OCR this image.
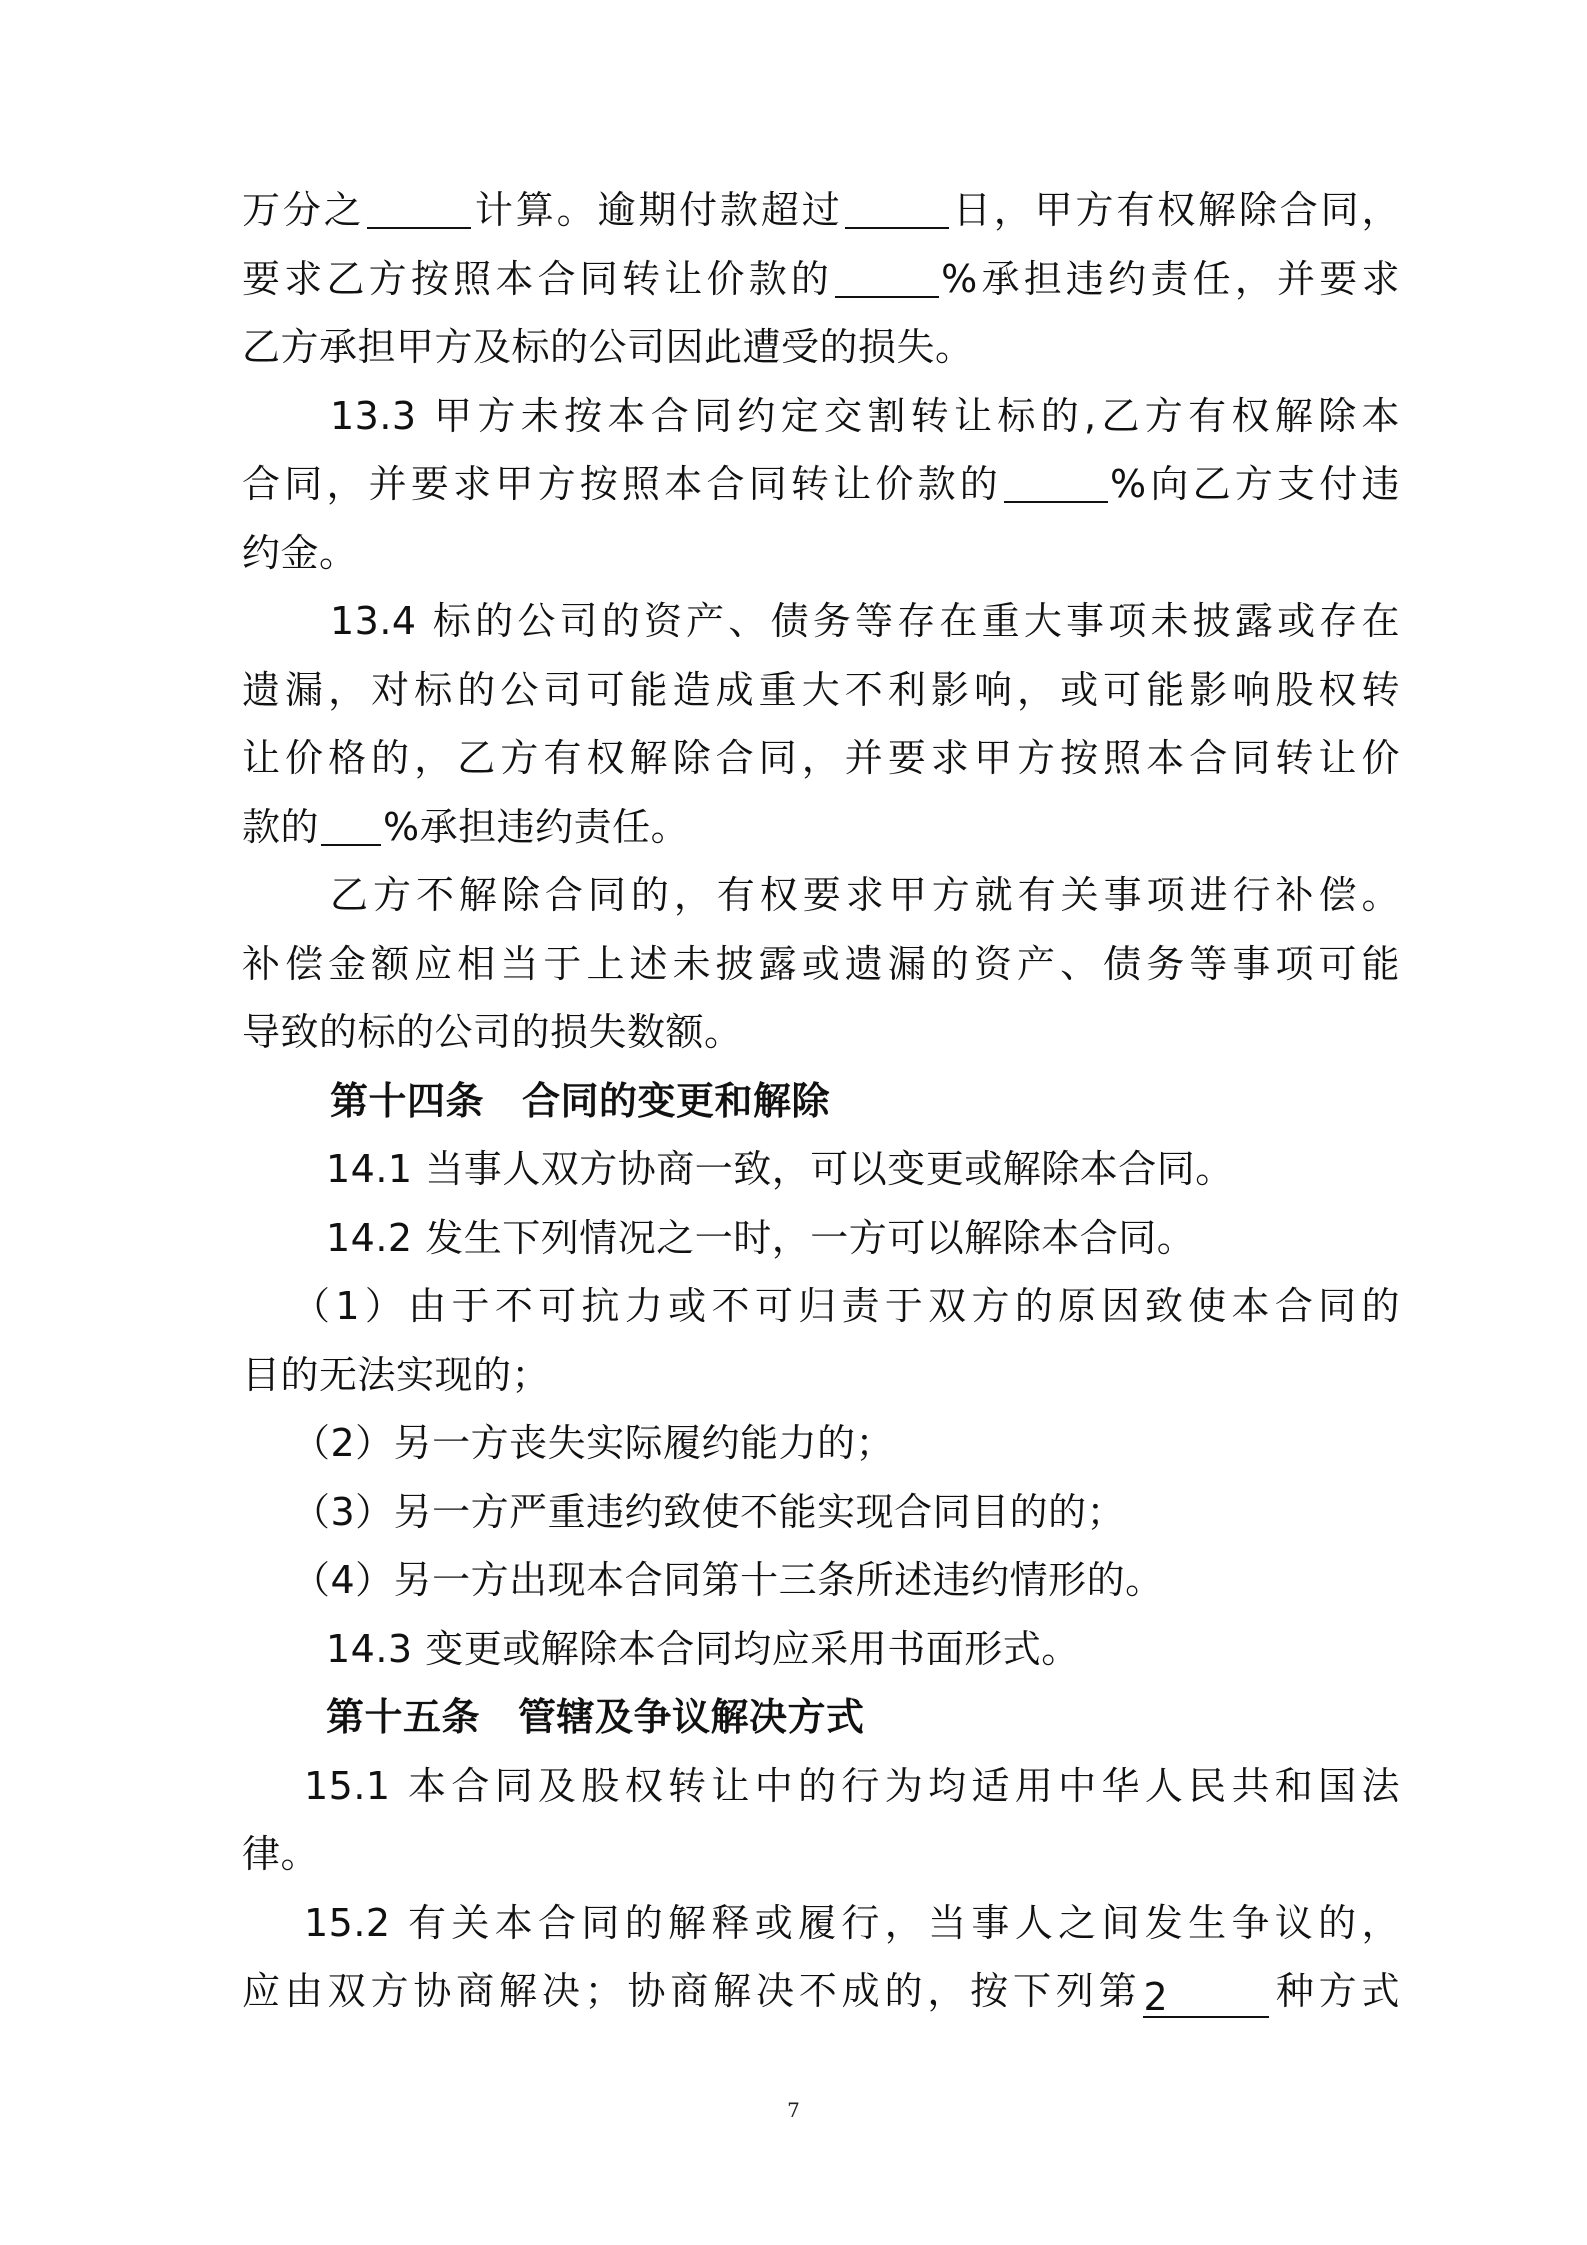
万分之	计算。逾期付款超过	日，甲方有权解除合同，
要求乙方按照本合同转让价款的	%承担违约责任，并要求
乙方承担甲方及标的公司因此遭受的损失。
13.3 甲方未按本合同约定交割转让标的,乙方有权解除本
合同，并要求甲方按照本合同转让价款的	%向乙方支付违
约金。
13.4 标的公司的资产、债务等存在重大事项未披露或存在
遗漏，对标的公司可能造成重大不利影响，或可能影响股权转
让价格的，乙方有权解除合同，并要求甲方按照本合同转让价
款的 %承担违约责任。
乙方不解除合同的，有权要求甲方就有关事项进行补偿。
补偿金额应相当于上述未披露或遗漏的资产、债务等事项可能
导致的标的公司的损失数额。
第十四条 合同的变更和解除
14.1 当事人双方协商一致，可以变更或解除本合同。
14.2 发生下列情况之一时，一方可以解除本合同。
（1）由于不可抗力或不可归责于双方的原因致使本合同的
目的无法实现的；
（2）另一方丧失实际履约能力的；
（3）另一方严重违约致使不能实现合同目的的；
（4）另一方出现本合同第十三条所述违约情形的。
14.3 变更或解除本合同均应采用书面形式。
第十五条 管辖及争议解决方式
15.1 本合同及股权转让中的行为均适用中华人民共和国法
律。
15.2 有关本合同的解释或履行，当事人之间发生争议的，
应由双方协商解决；协商解决不成的，按下列第2	种方式
7
